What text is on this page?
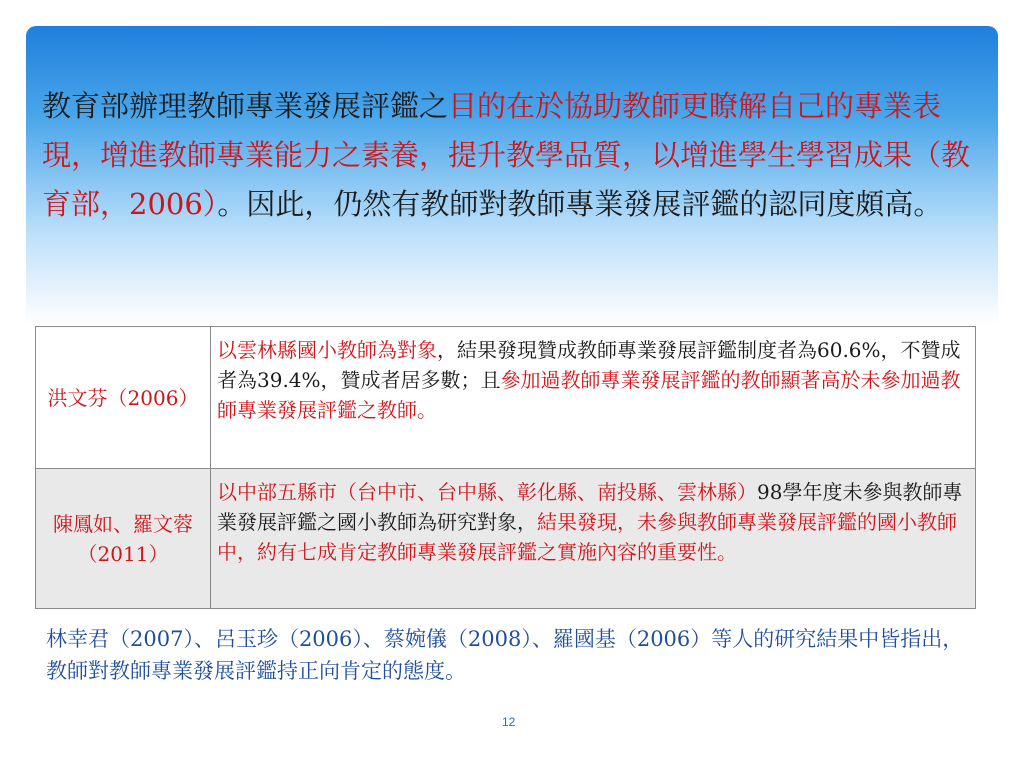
教育部辦理教師專業發展評鑑之目的在於協助教師更瞭解自己的專業表現，增進教師專業能力之素養，提升教學品質，以增進學生學習成果（教育部，2006）。因此，仍然有教師對教師專業發展評鑑的認同度頗高。

洪文芬（2006）	以雲林縣國小教師為對象，結果發現贊成教師專業發展評鑑制度者為60.6%，不贊成者為39.4%，贊成者居多數；且參加過教師專業發展評鑑的教師顯著高於未參加過教師專業發展評鑑之教師。
陳鳳如、羅文蓉（2011）	以中部五縣市（台中市、台中縣、彰化縣、南投縣、雲林縣）98學年度未參與教師專業發展評鑑之國小教師為研究對象，結果發現，未參與教師專業發展評鑑的國小教師中，約有七成肯定教師專業發展評鑑之實施內容的重要性。

林幸君（2007）、呂玉珍（2006）、蔡婉儀（2008）、羅國基（2006）等人的研究結果中皆指出，教師對教師專業發展評鑑持正向肯定的態度。

12
